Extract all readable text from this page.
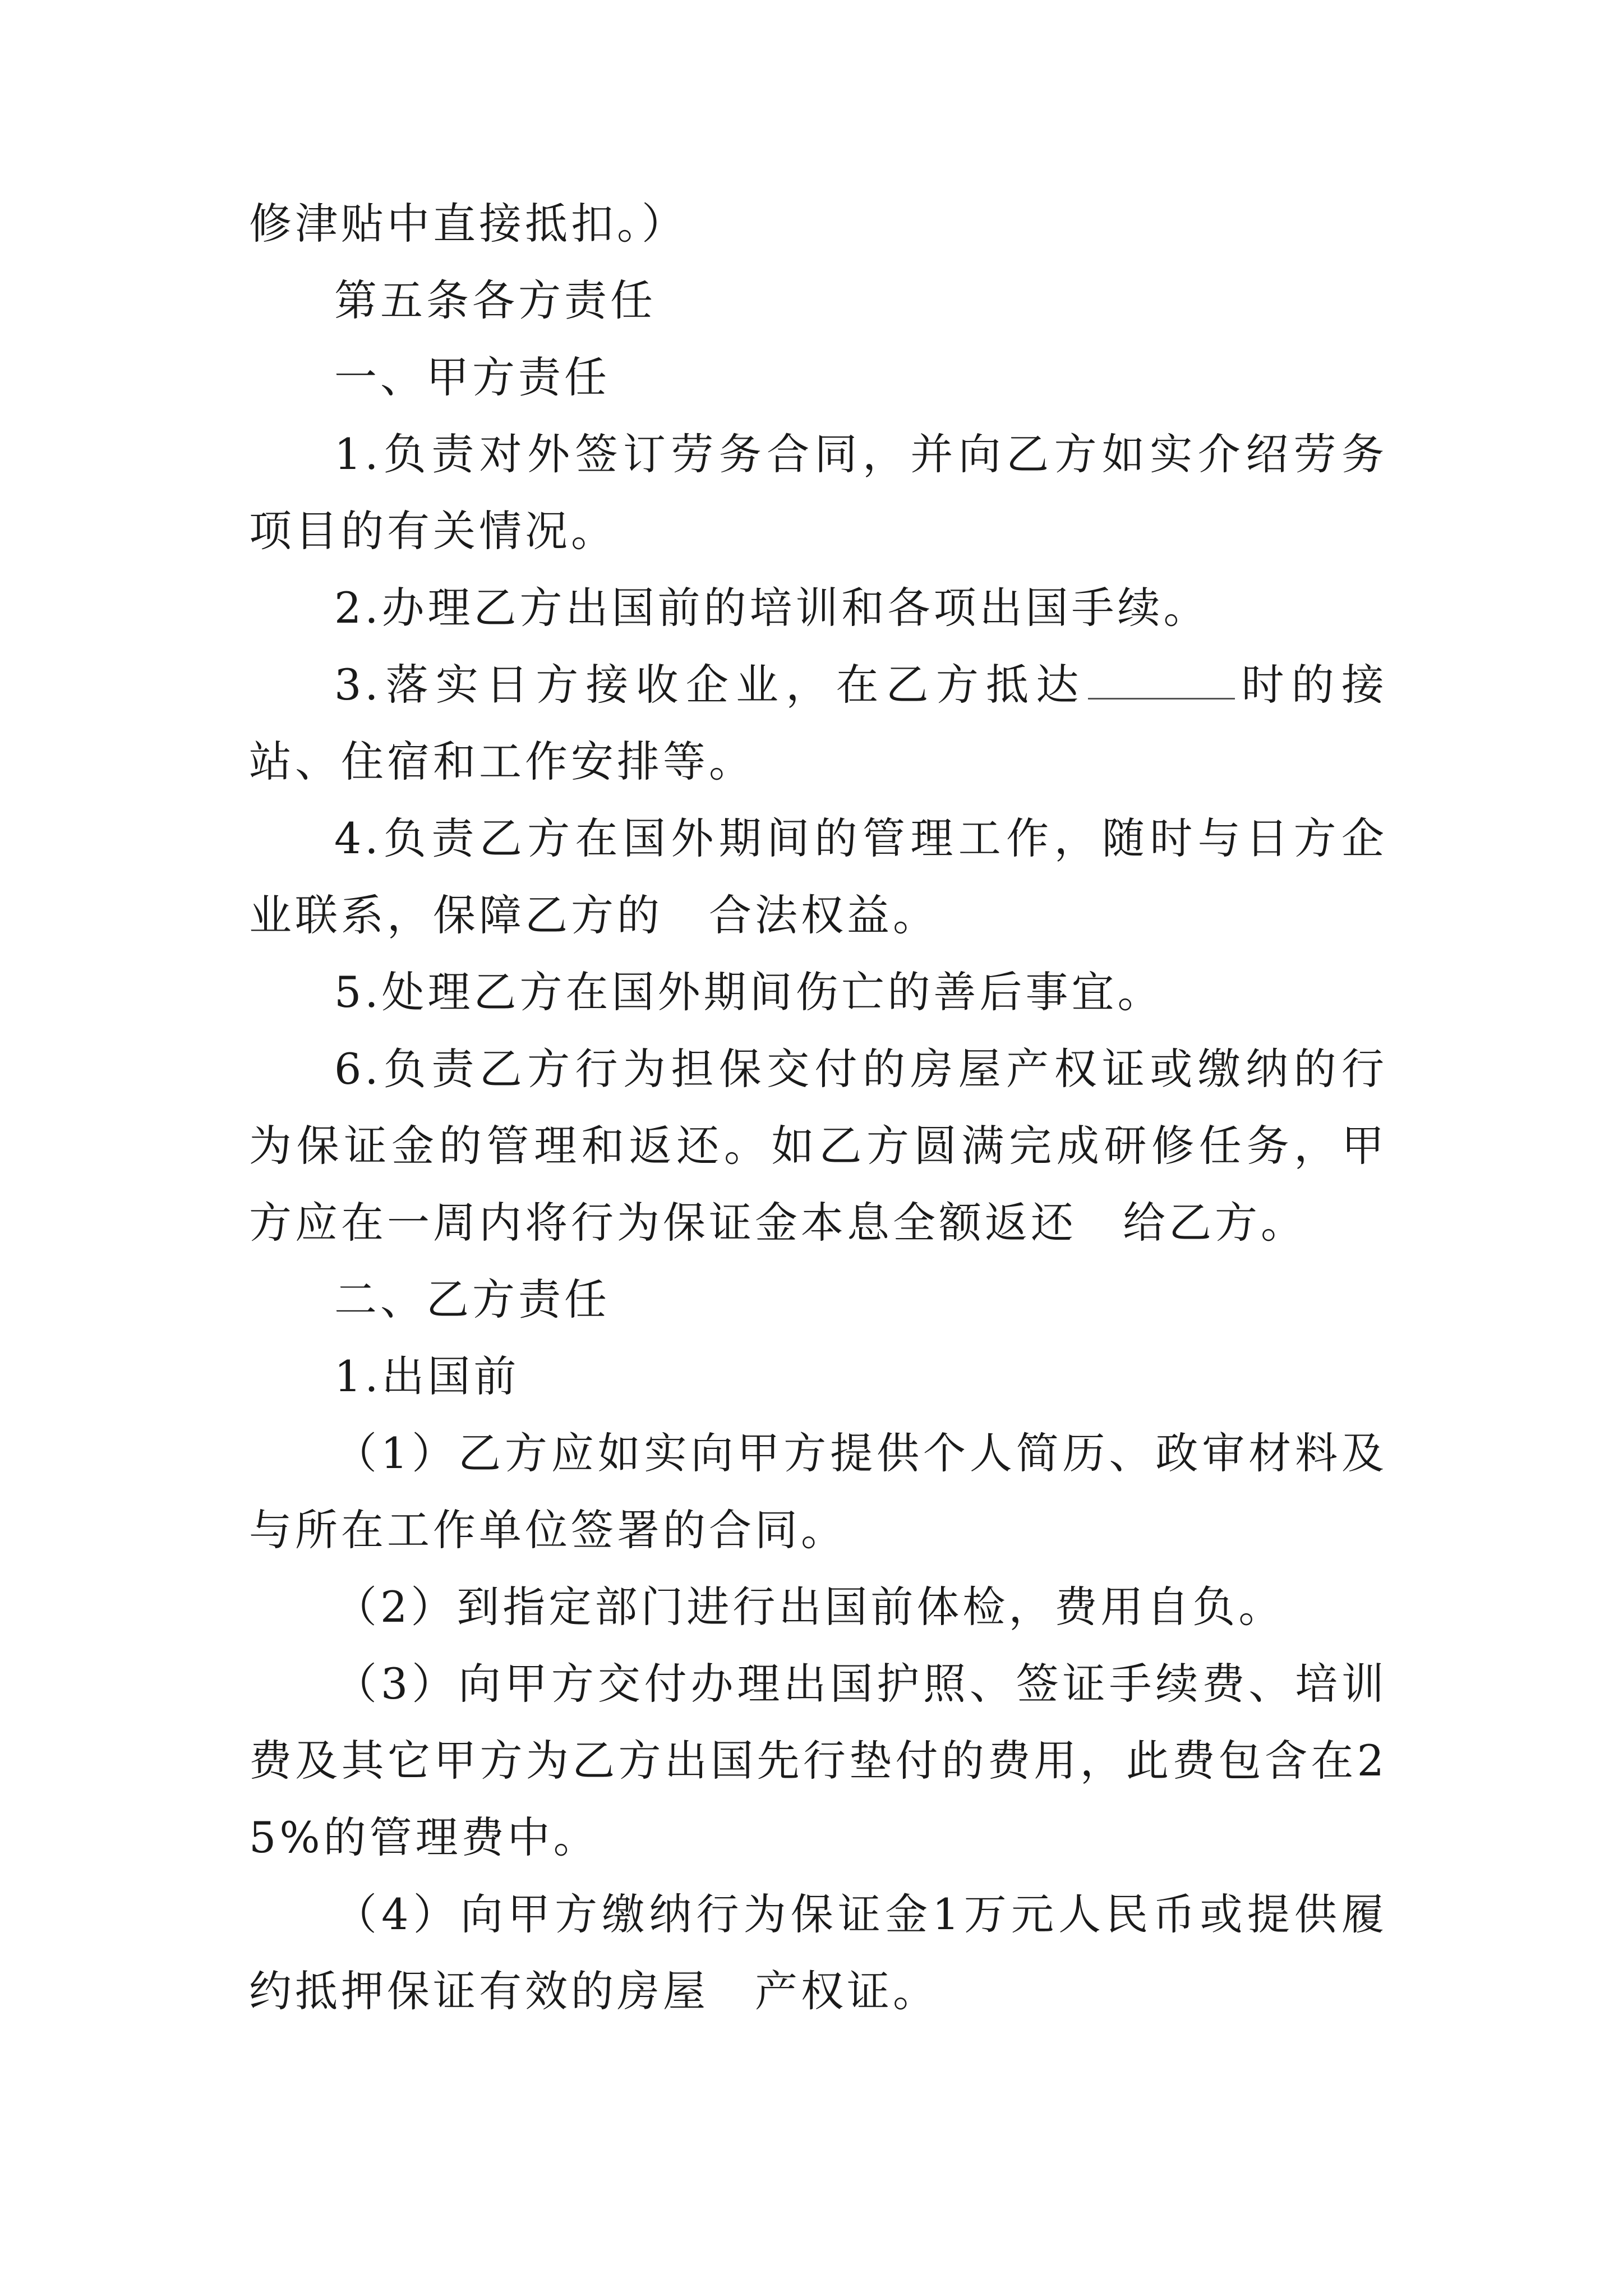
修津贴中直接抵扣。）

第五条各方责任

一、甲方责任

1.负责对外签订劳务合同，并向乙方如实介绍劳务项目的有关情况。

2.办理乙方出国前的培训和各项出国手续。

3.落实日方接收企业，在乙方抵达	时的接站、住宿和工作安排等。

4.负责乙方在国外期间的管理工作，随时与日方企业联系，保障乙方的　合法权益。

5.处理乙方在国外期间伤亡的善后事宜。

6.负责乙方行为担保交付的房屋产权证或缴纳的行为保证金的管理和返还。如乙方圆满完成研修任务，甲方应在一周内将行为保证金本息全额返还　给乙方。

二、乙方责任

1.出国前

（1）乙方应如实向甲方提供个人简历、政审材料及与所在工作单位签署的合同。

（2）到指定部门进行出国前体检，费用自负。

（3）向甲方交付办理出国护照、签证手续费、培训费及其它甲方为乙方出国先行垫付的费用，此费包含在25%的管理费中。

（4）向甲方缴纳行为保证金1万元人民币或提供履约抵押保证有效的房屋　产权证。
